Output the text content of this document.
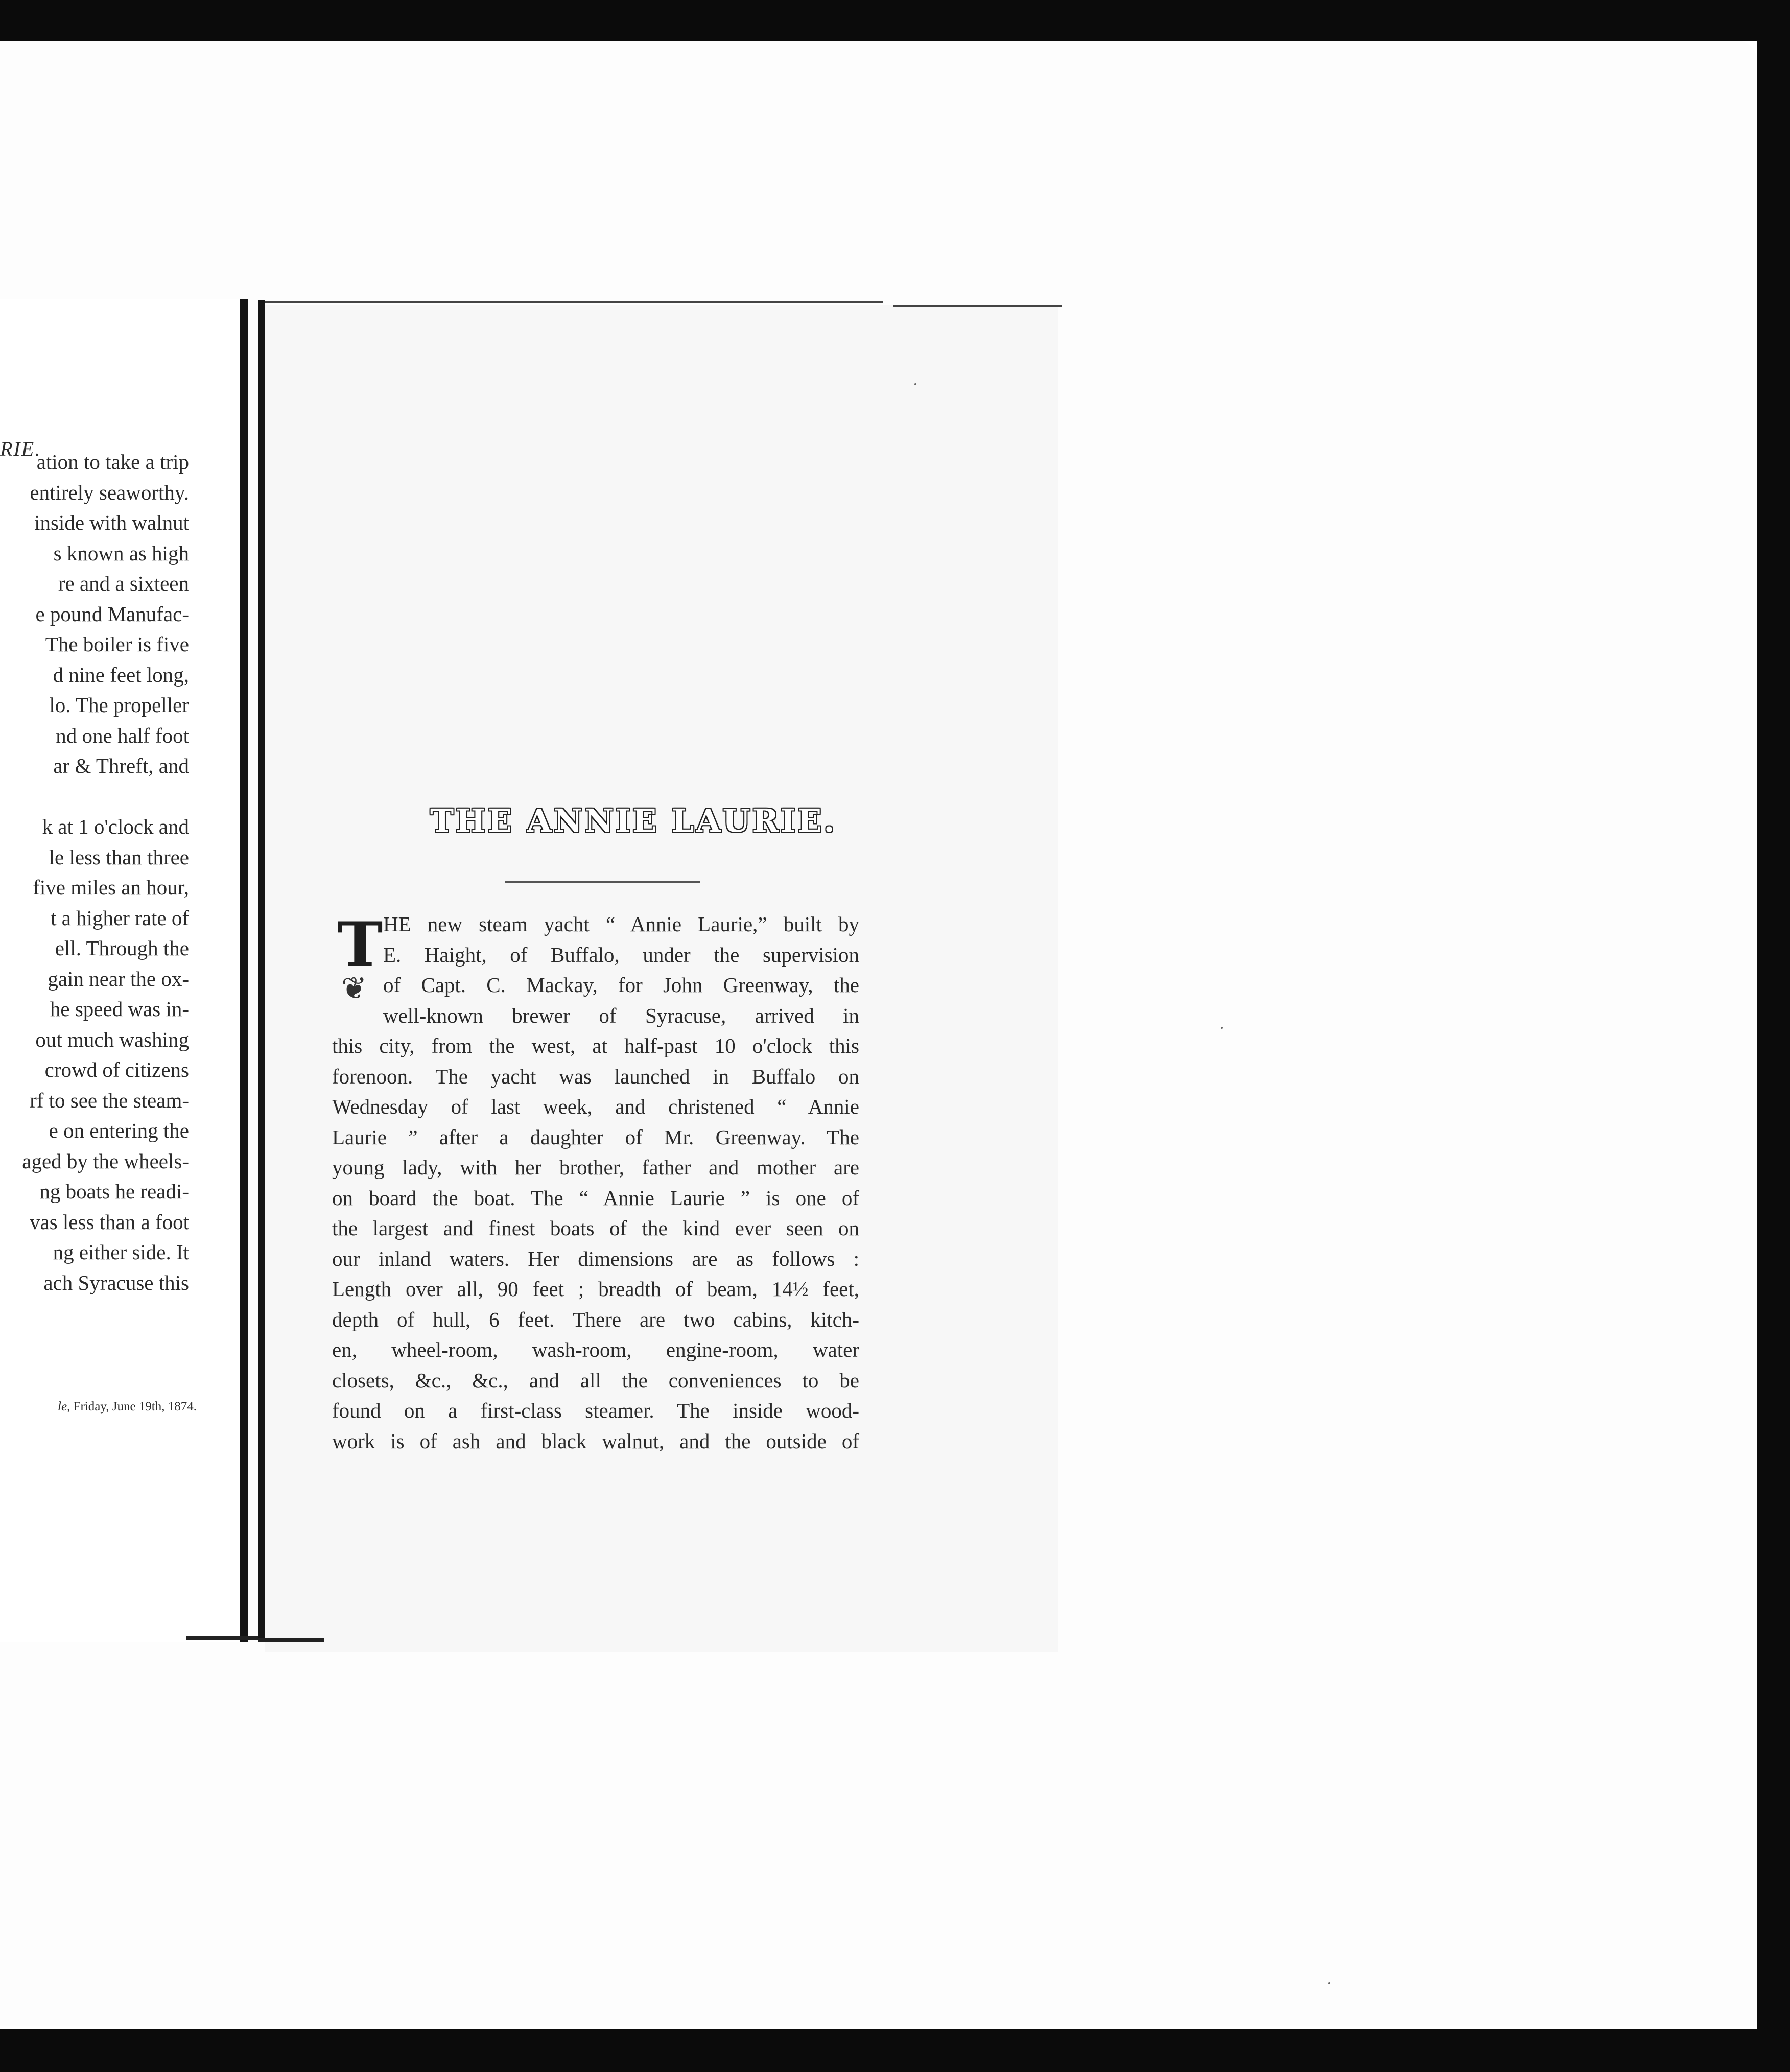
RIE.
ation to take a trip
entirely seaworthy.
inside with walnut
s known as high
re and a sixteen
e pound Manufac-
The boiler is five
d nine feet long,
lo. The propeller
nd one half foot
ar & Threft, and

k at 1 o'clock and
le less than three
five miles an hour,
t a higher rate of
ell. Through the
gain near the ox-
he speed was in-
out much washing
crowd of citizens
rf to see the steam-
e on entering the
aged by the wheels-
ng boats he readi-
vas less than a foot
ng either side. It
ach Syracuse this
le, Friday, June 19th, 1874.
THE ANNIE LAURIE.
T
❦
HE new steam yacht “ Annie Laurie,” built by
E. Haight, of Buffalo, under the supervision
of Capt. C. Mackay, for John Greenway, the
well-known brewer of Syracuse, arrived in
this city, from the west, at half-past 10 o'clock this
forenoon. The yacht was launched in Buffalo on
Wednesday of last week, and christened “ Annie
Laurie ” after a daughter of Mr. Greenway. The
young lady, with her brother, father and mother are
on board the boat. The “ Annie Laurie ” is one of
the largest and finest boats of the kind ever seen on
our inland waters. Her dimensions are as follows :
Length over all, 90 feet ; breadth of beam, 14½ feet,
depth of hull, 6 feet. There are two cabins, kitch-
en, wheel-room, wash-room, engine-room, water
closets, &c., &c., and all the conveniences to be
found on a first-class steamer. The inside wood-
work is of ash and black walnut, and the outside of
